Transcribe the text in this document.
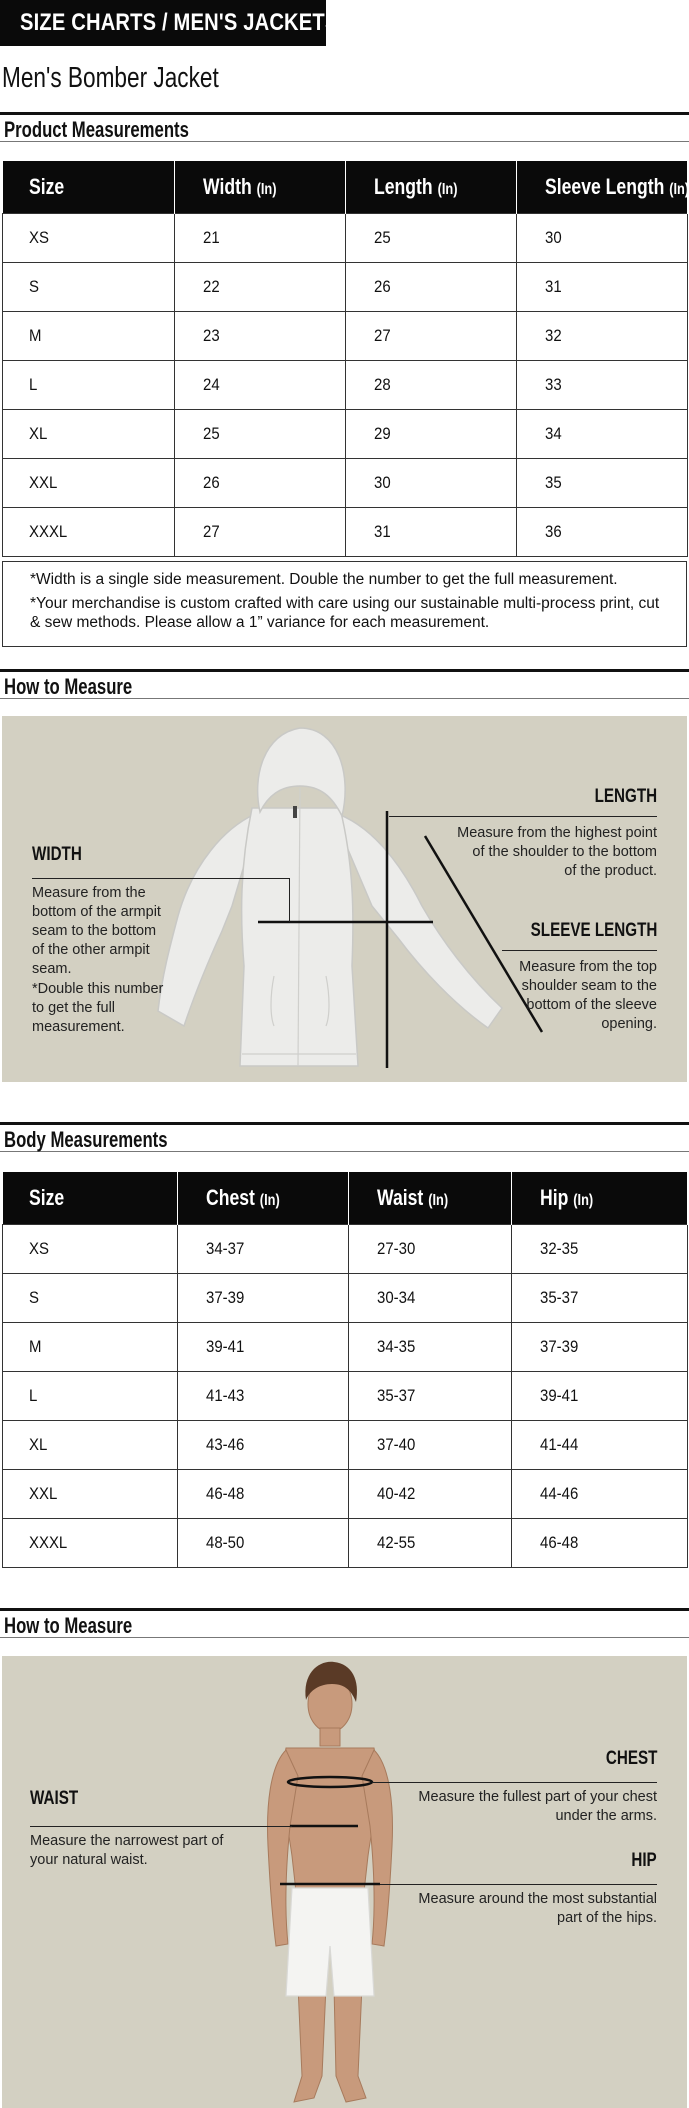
SIZE CHARTS / MEN'S JACKETS
Men's Bomber Jacket
Product Measurements
Size	Width (In)	Length (In)	Sleeve Length (In)
XS	21	25	30
S	22	26	31
M	23	27	32
L	24	28	33
XL	25	29	34
XXL	26	30	35
XXXL	27	31	36

*Width is a single side measurement. Double the number to get the full measurement.

*Your merchandise is custom crafted with care using our sustainable multi-process print, cut & sew methods. Please allow a 1” variance for each measurement.

How to Measure
WIDTH
Measure from the bottom of the armpit seam to the bottom of the other armpit seam.
*Double this number to get the full measurement.
LENGTH
Measure from the highest point of the shoulder to the bottom of the product.
SLEEVE LENGTH
Measure from the top shoulder seam to the bottom of the sleeve opening.
Body Measurements
Size	Chest (In)	Waist (In)	Hip (In)
XS	34-37	27-30	32-35
S	37-39	30-34	35-37
M	39-41	34-35	37-39
L	41-43	35-37	39-41
XL	43-46	37-40	41-44
XXL	46-48	40-42	44-46
XXXL	48-50	42-55	46-48
How to Measure
WAIST
Measure the narrowest part of your natural waist.
CHEST
Measure the fullest part of your chest under the arms.
HIP
Measure around the most substantial part of the hips.
